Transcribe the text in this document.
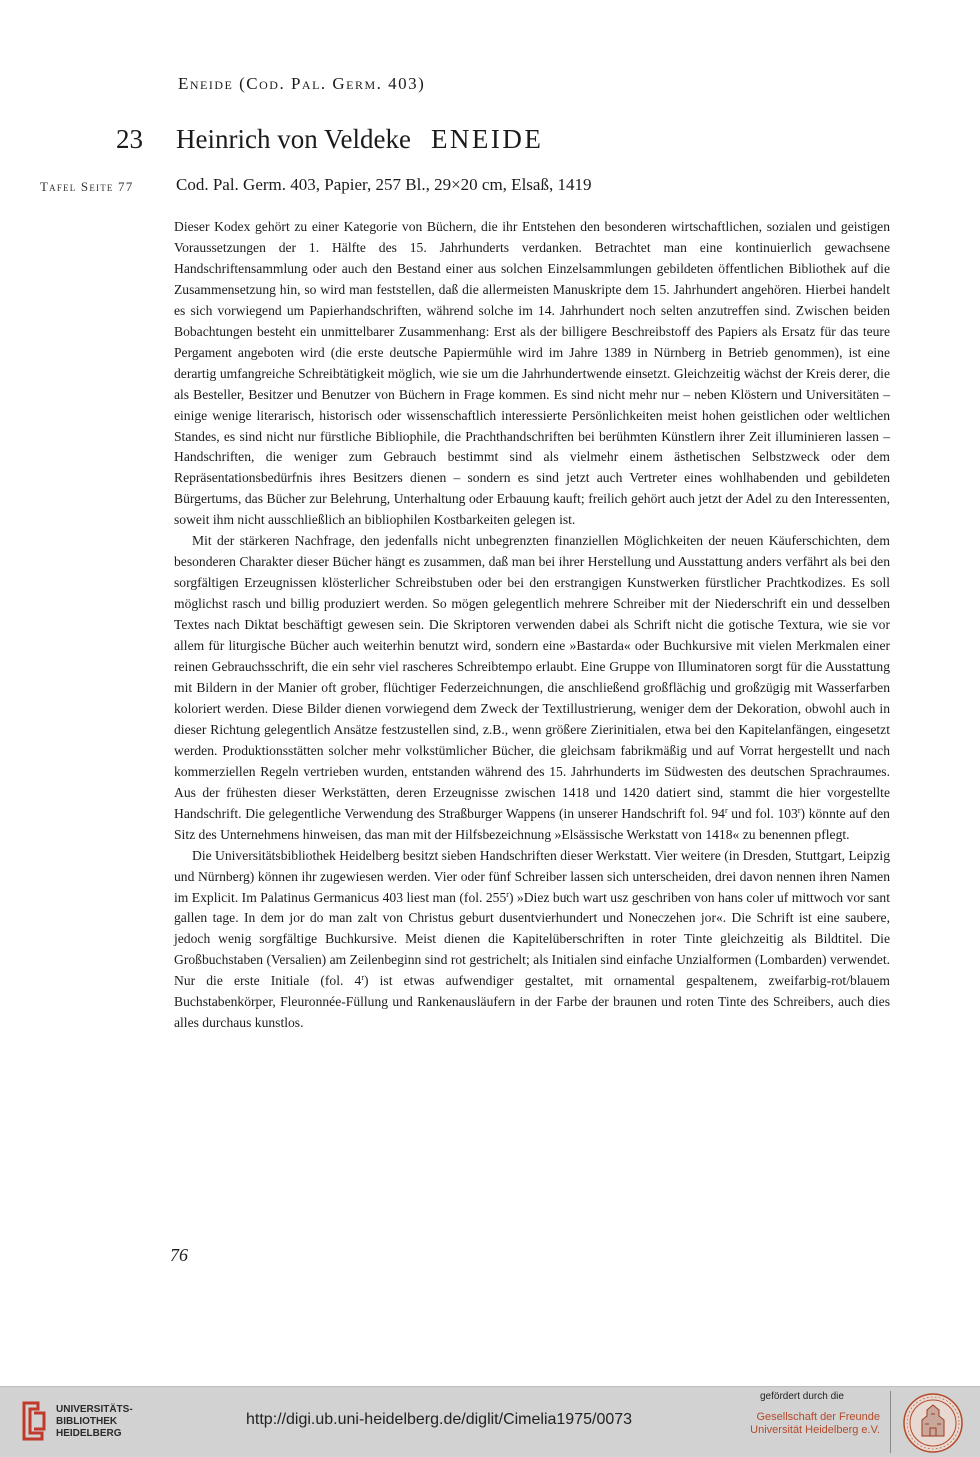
Eneide (Cod. Pal. Germ. 403)
23 Heinrich von Veldeke ENEIDE
Tafel Seite 77	Cod. Pal. Germ. 403, Papier, 257 Bl., 29×20 cm, Elsaß, 1419

Dieser Kodex gehört zu einer Kategorie von Büchern, die ihr Entstehen den besonderen wirtschaftlichen, sozialen und geistigen Voraussetzungen der 1. Hälfte des 15. Jahrhunderts verdanken. Betrachtet man eine kontinuierlich gewachsene Handschriftensammlung oder auch den Bestand einer aus solchen Einzelsammlungen gebildeten öffentlichen Bibliothek auf die Zusammensetzung hin, so wird man feststellen, daß die allermeisten Manuskripte dem 15. Jahrhundert angehören. Hierbei handelt es sich vorwiegend um Papierhandschriften, während solche im 14. Jahrhundert noch selten anzutreffen sind. Zwischen beiden Bobachtungen besteht ein unmittelbarer Zusammenhang: Erst als der billigere Beschreibstoff des Papiers als Ersatz für das teure Pergament angeboten wird (die erste deutsche Papiermühle wird im Jahre 1389 in Nürnberg in Betrieb genommen), ist eine derartig umfangreiche Schreibtätigkeit möglich, wie sie um die Jahrhundertwende einsetzt. Gleichzeitig wächst der Kreis derer, die als Besteller, Besitzer und Benutzer von Büchern in Frage kommen. Es sind nicht mehr nur – neben Klöstern und Universitäten – einige wenige literarisch, historisch oder wissenschaftlich interessierte Persönlichkeiten meist hohen geistlichen oder weltlichen Standes, es sind nicht nur fürstliche Bibliophile, die Prachthandschriften bei berühmten Künstlern ihrer Zeit illuminieren lassen – Handschriften, die weniger zum Gebrauch bestimmt sind als vielmehr einem ästhetischen Selbstzweck oder dem Repräsentationsbedürfnis ihres Besitzers dienen – sondern es sind jetzt auch Vertreter eines wohlhabenden und gebildeten Bürgertums, das Bücher zur Belehrung, Unterhaltung oder Erbauung kauft; freilich gehört auch jetzt der Adel zu den Interessenten, soweit ihm nicht ausschließlich an bibliophilen Kostbarkeiten gelegen ist.

Mit der stärkeren Nachfrage, den jedenfalls nicht unbegrenzten finanziellen Möglichkeiten der neuen Käuferschichten, dem besonderen Charakter dieser Bücher hängt es zusammen, daß man bei ihrer Herstellung und Ausstattung anders verfährt als bei den sorgfältigen Erzeugnissen klösterlicher Schreibstuben oder bei den erstrangigen Kunstwerken fürstlicher Prachtkodizes. Es soll möglichst rasch und billig produziert werden. So mögen gelegentlich mehrere Schreiber mit der Niederschrift ein und desselben Textes nach Diktat beschäftigt gewesen sein. Die Skriptoren verwenden dabei als Schrift nicht die gotische Textura, wie sie vor allem für liturgische Bücher auch weiterhin benutzt wird, sondern eine »Bastarda« oder Buchkursive mit vielen Merkmalen einer reinen Gebrauchsschrift, die ein sehr viel rascheres Schreibtempo erlaubt. Eine Gruppe von Illuminatoren sorgt für die Ausstattung mit Bildern in der Manier oft grober, flüchtiger Federzeichnungen, die anschließend großflächig und großzügig mit Wasserfarben koloriert werden. Diese Bilder dienen vorwiegend dem Zweck der Textillustrierung, weniger dem der Dekoration, obwohl auch in dieser Richtung gelegentlich Ansätze festzustellen sind, z.B., wenn größere Zierinitialen, etwa bei den Kapitelanfängen, eingesetzt werden. Produktionsstätten solcher mehr volkstümlicher Bücher, die gleichsam fabrikmäßig und auf Vorrat hergestellt und nach kommerziellen Regeln vertrieben wurden, entstanden während des 15. Jahrhunderts im Südwesten des deutschen Sprachraumes. Aus der frühesten dieser Werkstätten, deren Erzeugnisse zwischen 1418 und 1420 datiert sind, stammt die hier vorgestellte Handschrift. Die gelegentliche Verwendung des Straßburger Wappens (in unserer Handschrift fol. 94$^r$ und fol. 103$^r$) könnte auf den Sitz des Unternehmens hinweisen, das man mit der Hilfsbezeichnung »Elsässische Werkstatt von 1418« zu benennen pflegt.

Die Universitätsbibliothek Heidelberg besitzt sieben Handschriften dieser Werkstatt. Vier weitere (in Dresden, Stuttgart, Leipzig und Nürnberg) können ihr zugewiesen werden. Vier oder fünf Schreiber lassen sich unterscheiden, drei davon nennen ihren Namen im Explicit. Im Palatinus Germanicus 403 liest man (fol. 255$^r$) »Diez buͦch wart usz geschriben von hans coler uf mittwoch vor sant gallen tage. In dem jor do man zalt von Christus geburt dusentvierhundert und Noneczehen jor«. Die Schrift ist eine saubere, jedoch wenig sorgfältige Buchkursive. Meist dienen die Kapitelüberschriften in roter Tinte gleichzeitig als Bildtitel. Die Großbuchstaben (Versalien) am Zeilenbeginn sind rot gestrichelt; als Initialen sind einfache Unzialformen (Lombarden) verwendet. Nur die erste Initiale (fol. 4$^r$) ist etwas aufwendiger gestaltet, mit ornamental gespaltenem, zweifarbig-rot/blauem Buchstabenkörper, Fleuronnée-Füllung und Rankenausläufern in der Farbe der braunen und roten Tinte des Schreibers, auch dies alles durchaus kunstlos.

76
UNIVERSITÄTS-
BIBLIOTHEK
HEIDELBERG
http://digi.ub.uni-heidelberg.de/diglit/Cimelia1975/0073
gefördert durch die
Gesellschaft der Freunde
Universität Heidelberg e.V.
